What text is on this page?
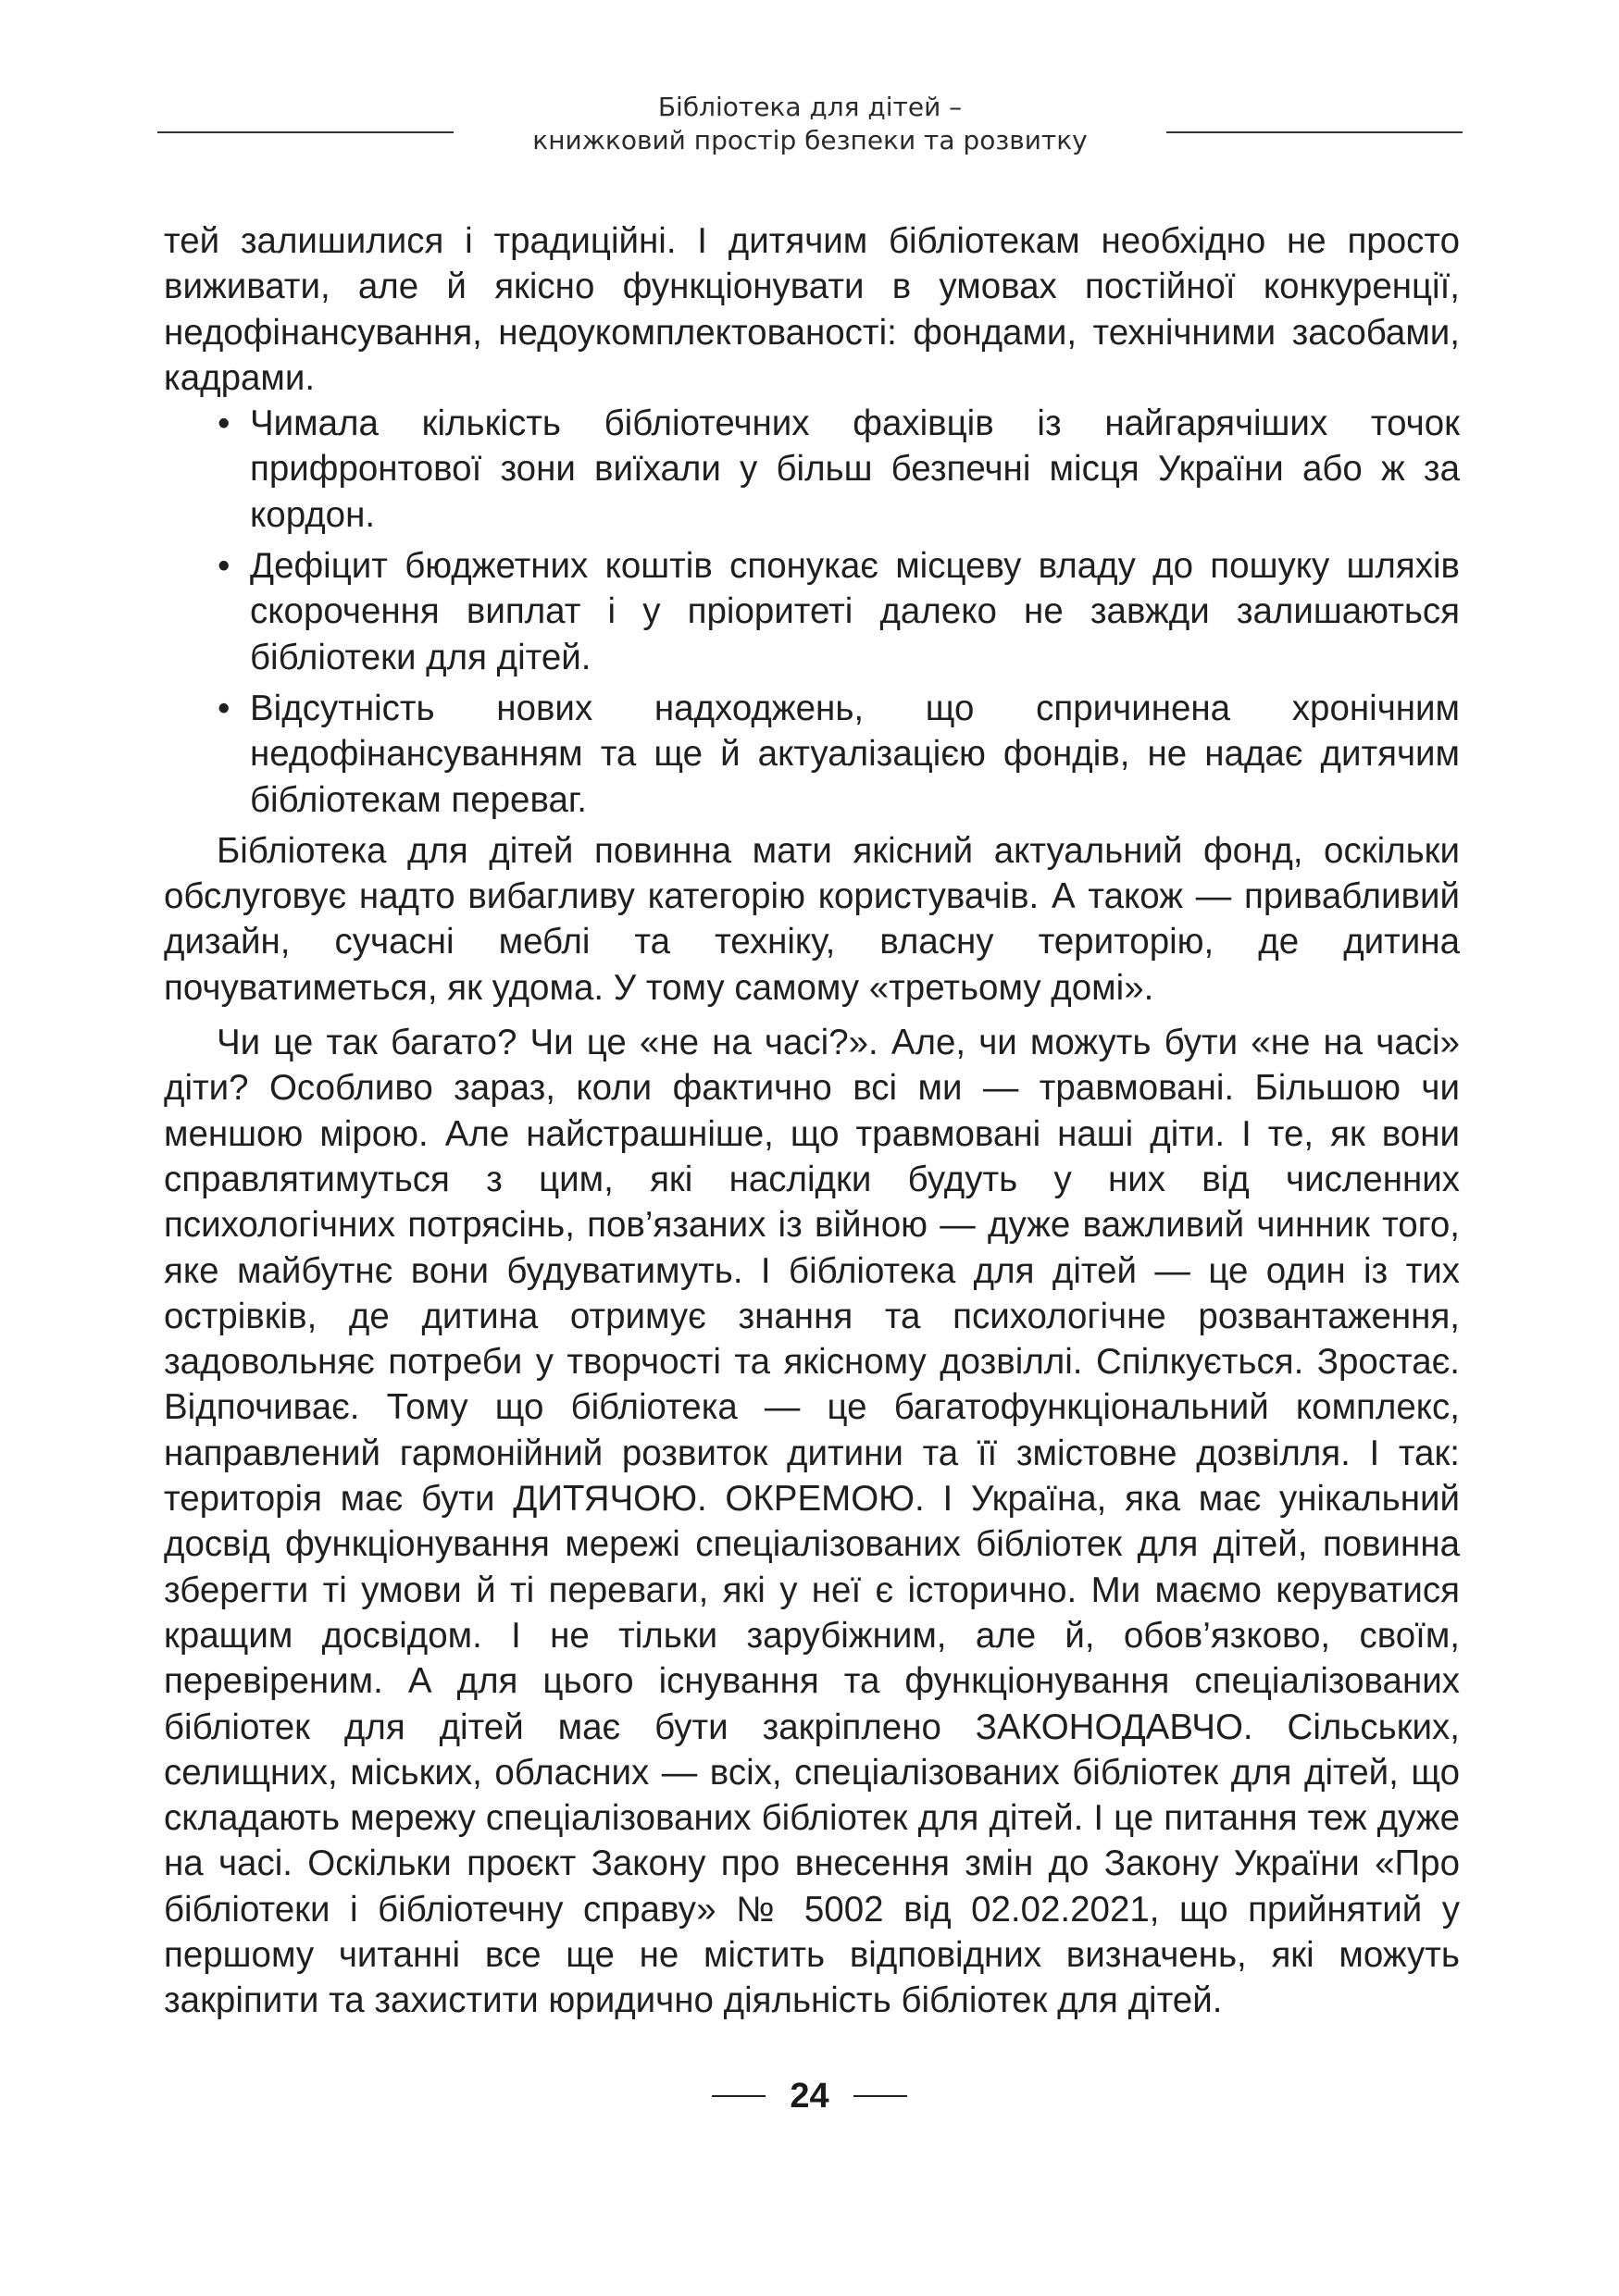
Бібліотека для дітей –
книжковий простір безпеки та розвитку

тей залишилися і традиційні. І дитячим бібліотекам необхідно не просто виживати, але й якісно функціонувати в умовах постійної конкуренції, недофінансування, недоукомплектованості: фондами, технічними засобами, кадрами.

• Чимала кількість бібліотечних фахівців із найгарячіших точок прифронтової зони виїхали у більш безпечні місця України або ж за кордон.
• Дефіцит бюджетних коштів спонукає місцеву владу до пошуку шляхів скорочення виплат і у пріоритеті далеко не завжди залишаються бібліотеки для дітей.
• Відсутність нових надходжень, що спричинена хронічним недофінансуванням та ще й актуалізацією фондів, не надає дитячим бібліотекам переваг.

Бібліотека для дітей повинна мати якісний актуальний фонд, оскільки обслуговує надто вибагливу категорію користувачів. А також — привабливий дизайн, сучасні меблі та техніку, власну територію, де дитина почуватиметься, як удома. У тому самому «третьому домі».

Чи це так багато? Чи це «не на часі?». Але, чи можуть бути «не на часі» діти? Особливо зараз, коли фактично всі ми — травмовані. Більшою чи меншою мірою. Але найстрашніше, що травмовані наші діти. І те, як вони справлятимуться з цим, які наслідки будуть у них від численних психологічних потрясінь, пов’язаних із війною — дуже важливий чинник того, яке майбутнє вони будуватимуть. І бібліотека для дітей — це один із тих острівків, де дитина отримує знання та психологічне розвантаження, задовольняє потреби у творчості та якісному дозвіллі. Спілкується. Зростає. Відпочиває. Тому що бібліотека — це багатофункціональний комплекс, направлений гармонійний розвиток дитини та її змістовне дозвілля. І так: територія має бути ДИТЯЧОЮ. ОКРЕМОЮ. І Україна, яка має унікальний досвід функціонування мережі спеціалізованих бібліотек для дітей, повинна зберегти ті умови й ті переваги, які у неї є історично. Ми маємо керуватися кращим досвідом. І не тільки зарубіжним, але й, обов’язково, своїм, перевіреним. А для цього існування та функціонування спеціалізованих бібліотек для дітей має бути закріплено ЗАКОНОДАВЧО. Сільських, селищних, міських, обласних — всіх, спеціалізованих бібліотек для дітей, що складають мережу спеціалізованих бібліотек для дітей. І це питання теж дуже на часі. Оскільки проєкт Закону про внесення змін до Закону України «Про бібліотеки і бібліотечну справу» № 5002 від 02.02.2021, що прийнятий у першому читанні все ще не містить відповідних визначень, які можуть закріпити та захистити юридично діяльність бібліотек для дітей.

24
